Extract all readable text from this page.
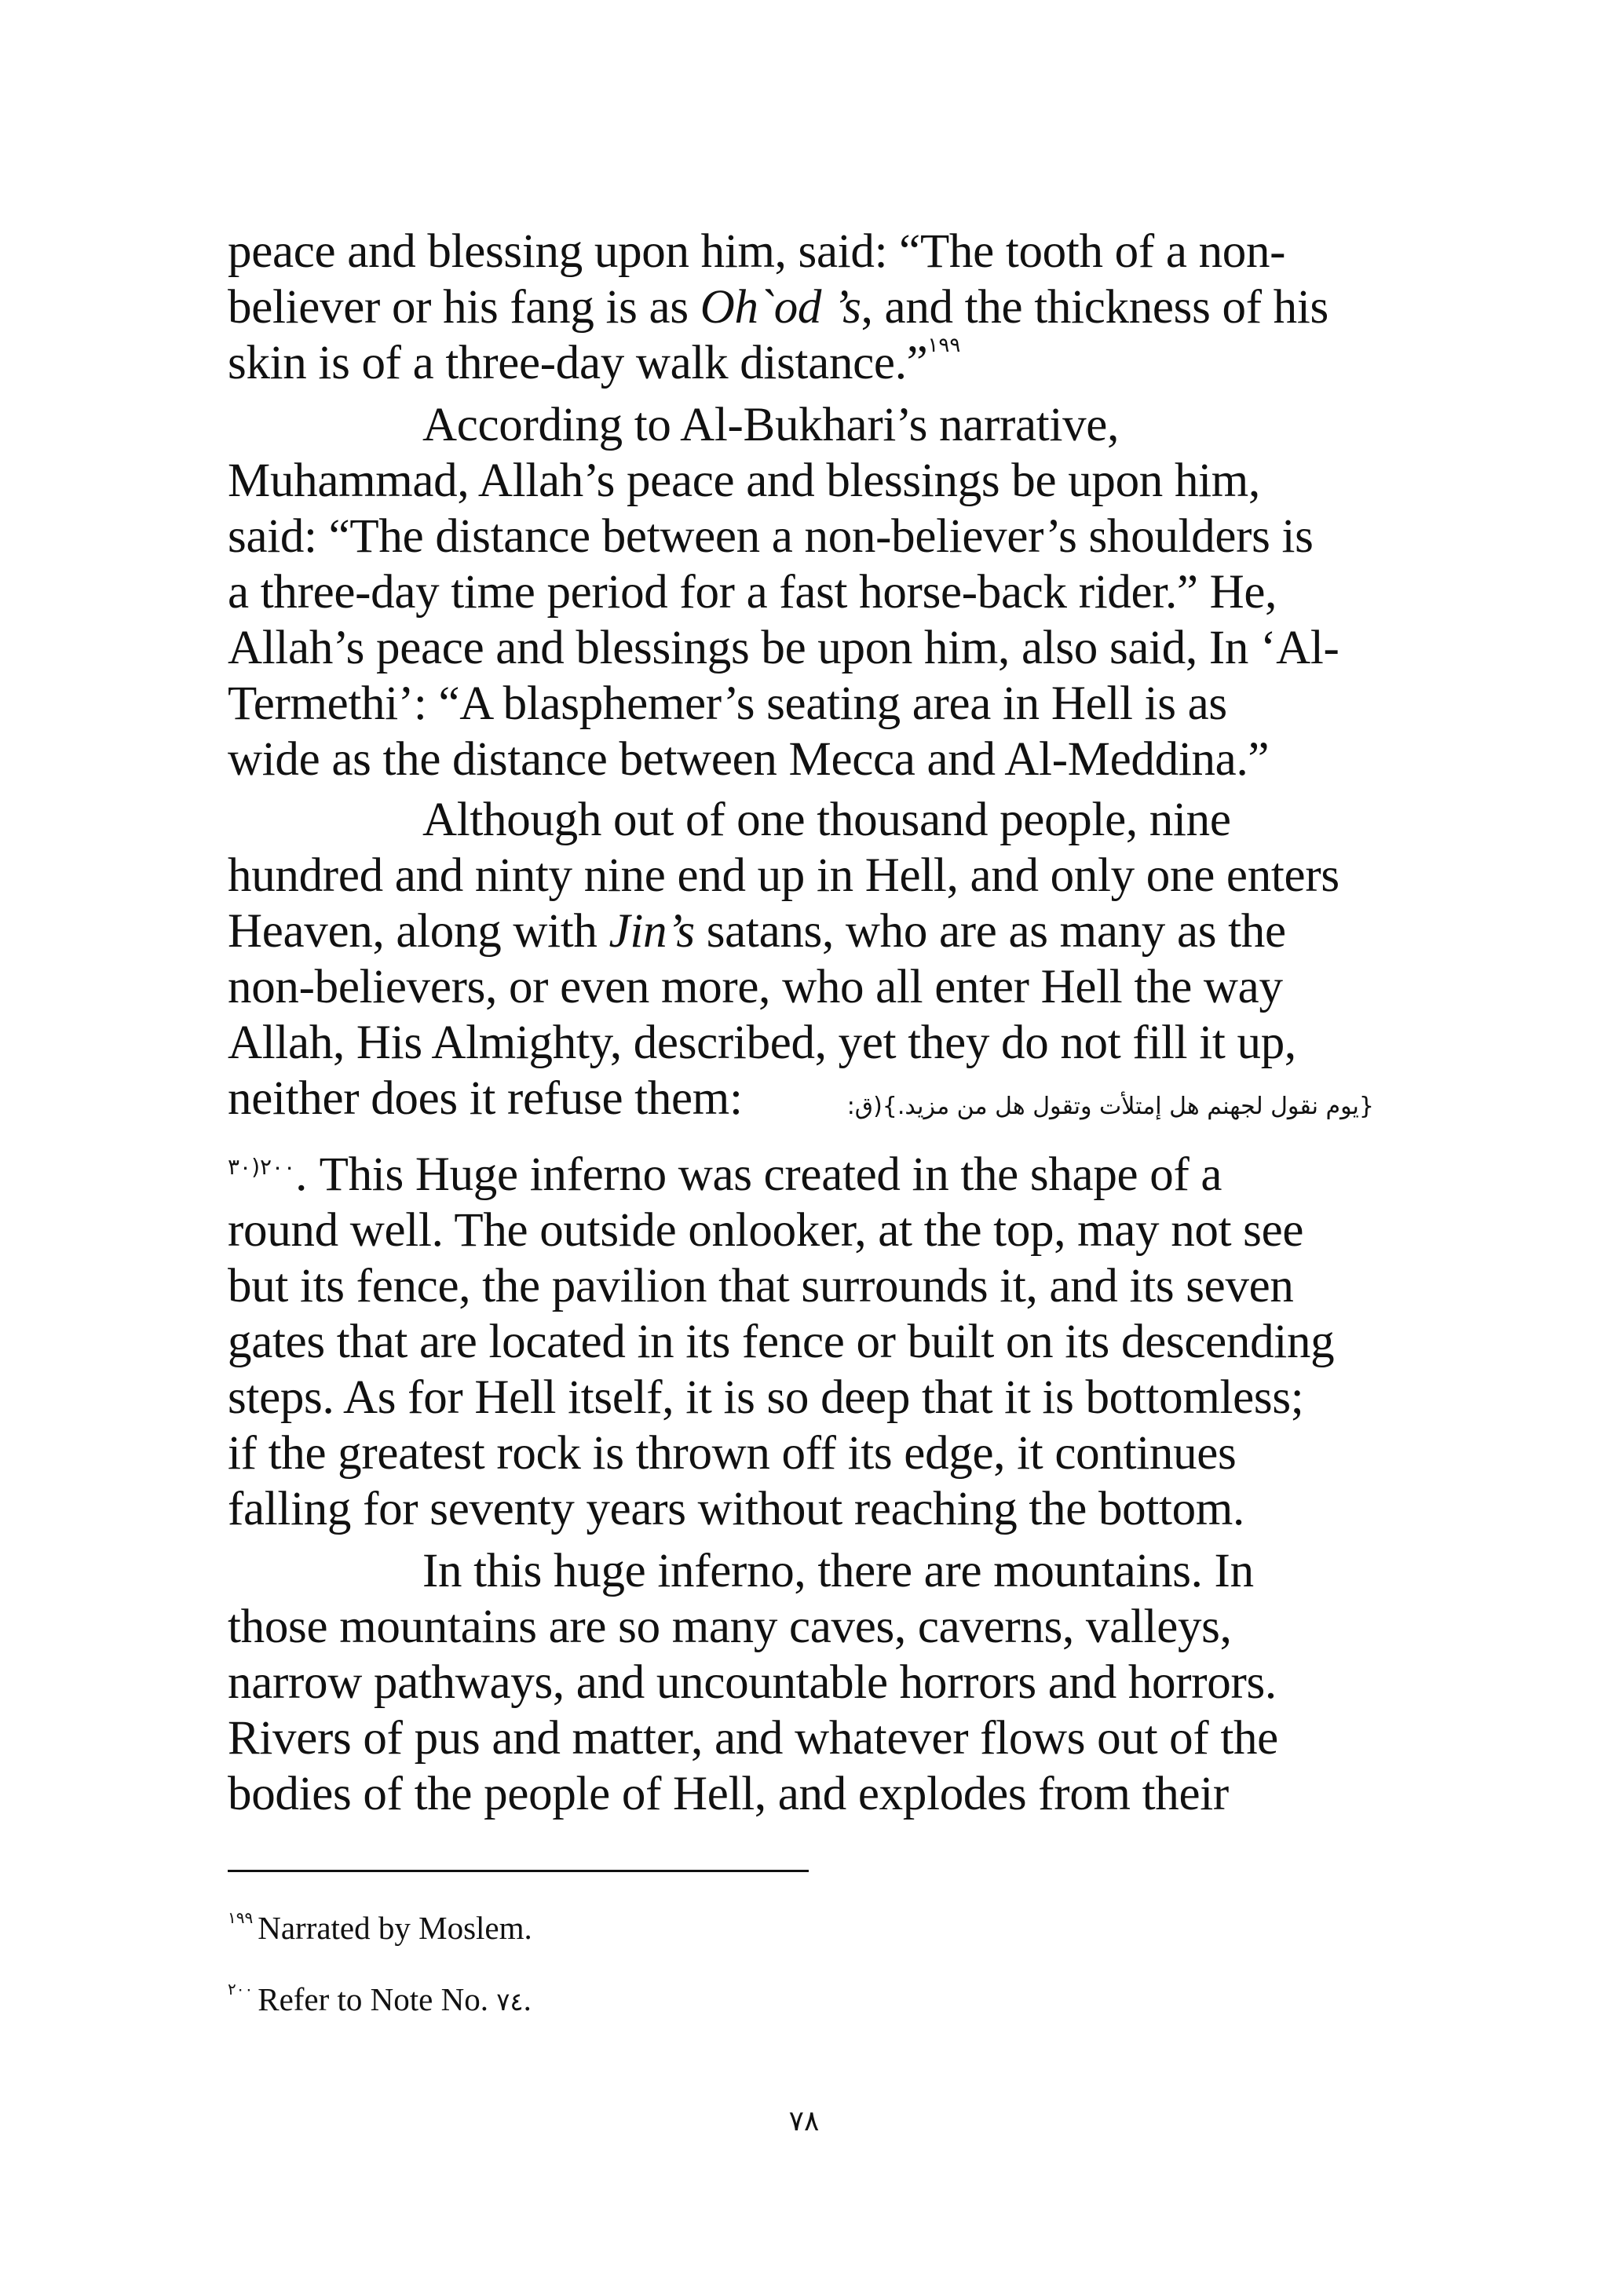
peace and blessing upon him, said: “The tooth of a non-
believer or his fang is as Oh`od ’s, and the thickness of his
skin is of a three-day walk distance.”$^{١٩٩}$

According to Al-Bukhari’s narrative,
Muhammad, Allah’s peace and blessings be upon him,
said: “The distance between a non-believer’s shoulders is
a three-day time period for a fast horse-back rider.” He,
Allah’s peace and blessings be upon him, also said, In ‘Al-
Termethi’: “A blasphemer’s seating area in Hell is as
wide as the distance between Mecca and Al-Meddina.”

Although out of one thousand people, nine
hundred and ninty nine end up in Hell, and only one enters
Heaven, along with Jin’s satans, who are as many as the
non-believers, or even more, who all enter Hell the way
Allah, His Almighty, described, yet they do not fill it up,

neither does it refuse them:	{يوم نقول لجهنم هل إمتلأت وتقول هل من مزيد.}(ق:
$^{٢٠٠(٣٠}$. This Huge inferno was created in the shape of a
round well. The outside onlooker, at the top, may not see
but its fence, the pavilion that surrounds it, and its seven
gates that are located in its fence or built on its descending
steps. As for Hell itself, it is so deep that it is bottomless;
if the greatest rock is thrown off its edge, it continues
falling for seventy years without reaching the bottom.

In this huge inferno, there are mountains. In
those mountains are so many caves, caverns, valleys,
narrow pathways, and uncountable horrors and horrors.
Rivers of pus and matter, and whatever flows out of the
bodies of the people of Hell, and explodes from their

$^{١٩٩}$ Narrated by Moslem.

$^{٢٠٠}$ Refer to Note No. ٧٤.

٧٨
